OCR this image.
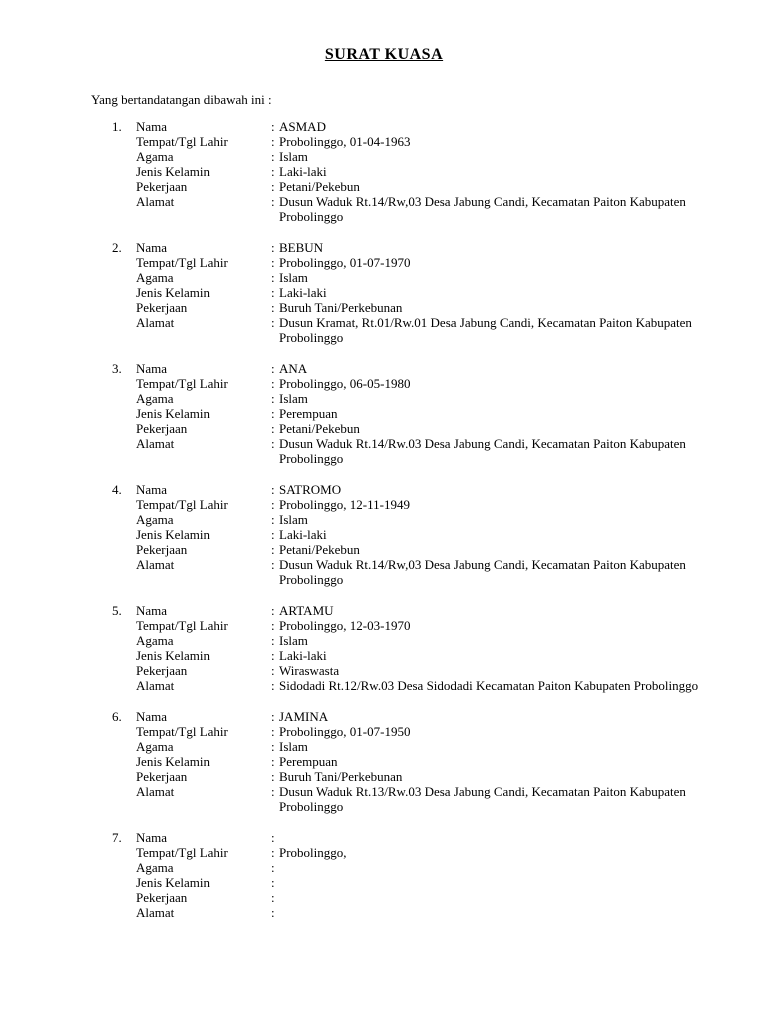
SURAT KUASA
Yang bertandatangan dibawah ini :
1. Nama	: ASMAD
Tempat/Tgl Lahir	: Probolinggo, 01-04-1963
Agama	: Islam
Jenis Kelamin	: Laki-laki
Pekerjaan	: Petani/Pekebun
Alamat	: Dusun Waduk Rt.14/Rw,03 Desa Jabung Candi, Kecamatan Paiton Kabupaten Probolinggo
2. Nama	: BEBUN
Tempat/Tgl Lahir	: Probolinggo, 01-07-1970
Agama	: Islam
Jenis Kelamin	: Laki-laki
Pekerjaan	: Buruh Tani/Perkebunan
Alamat	: Dusun Kramat, Rt.01/Rw.01 Desa Jabung Candi, Kecamatan Paiton Kabupaten Probolinggo
3. Nama	: ANA
Tempat/Tgl Lahir	: Probolinggo, 06-05-1980
Agama	: Islam
Jenis Kelamin	: Perempuan
Pekerjaan	: Petani/Pekebun
Alamat	: Dusun Waduk Rt.14/Rw.03 Desa Jabung Candi, Kecamatan Paiton Kabupaten Probolinggo
4. Nama	: SATROMO
Tempat/Tgl Lahir	: Probolinggo, 12-11-1949
Agama	: Islam
Jenis Kelamin	: Laki-laki
Pekerjaan	: Petani/Pekebun
Alamat	: Dusun Waduk Rt.14/Rw,03 Desa Jabung Candi, Kecamatan Paiton Kabupaten Probolinggo
5. Nama	: ARTAMU
Tempat/Tgl Lahir	: Probolinggo, 12-03-1970
Agama	: Islam
Jenis Kelamin	: Laki-laki
Pekerjaan	: Wiraswasta
Alamat	: Sidodadi Rt.12/Rw.03 Desa Sidodadi Kecamatan Paiton Kabupaten Probolinggo
6. Nama	: JAMINA
Tempat/Tgl Lahir	: Probolinggo, 01-07-1950
Agama	: Islam
Jenis Kelamin	: Perempuan
Pekerjaan	: Buruh Tani/Perkebunan
Alamat	: Dusun Waduk Rt.13/Rw.03 Desa Jabung Candi, Kecamatan Paiton Kabupaten Probolinggo
7. Nama	:

Tempat/Tgl Lahir	: Probolinggo,
Agama	:

Jenis Kelamin	:

Pekerjaan	:

Alamat	:
